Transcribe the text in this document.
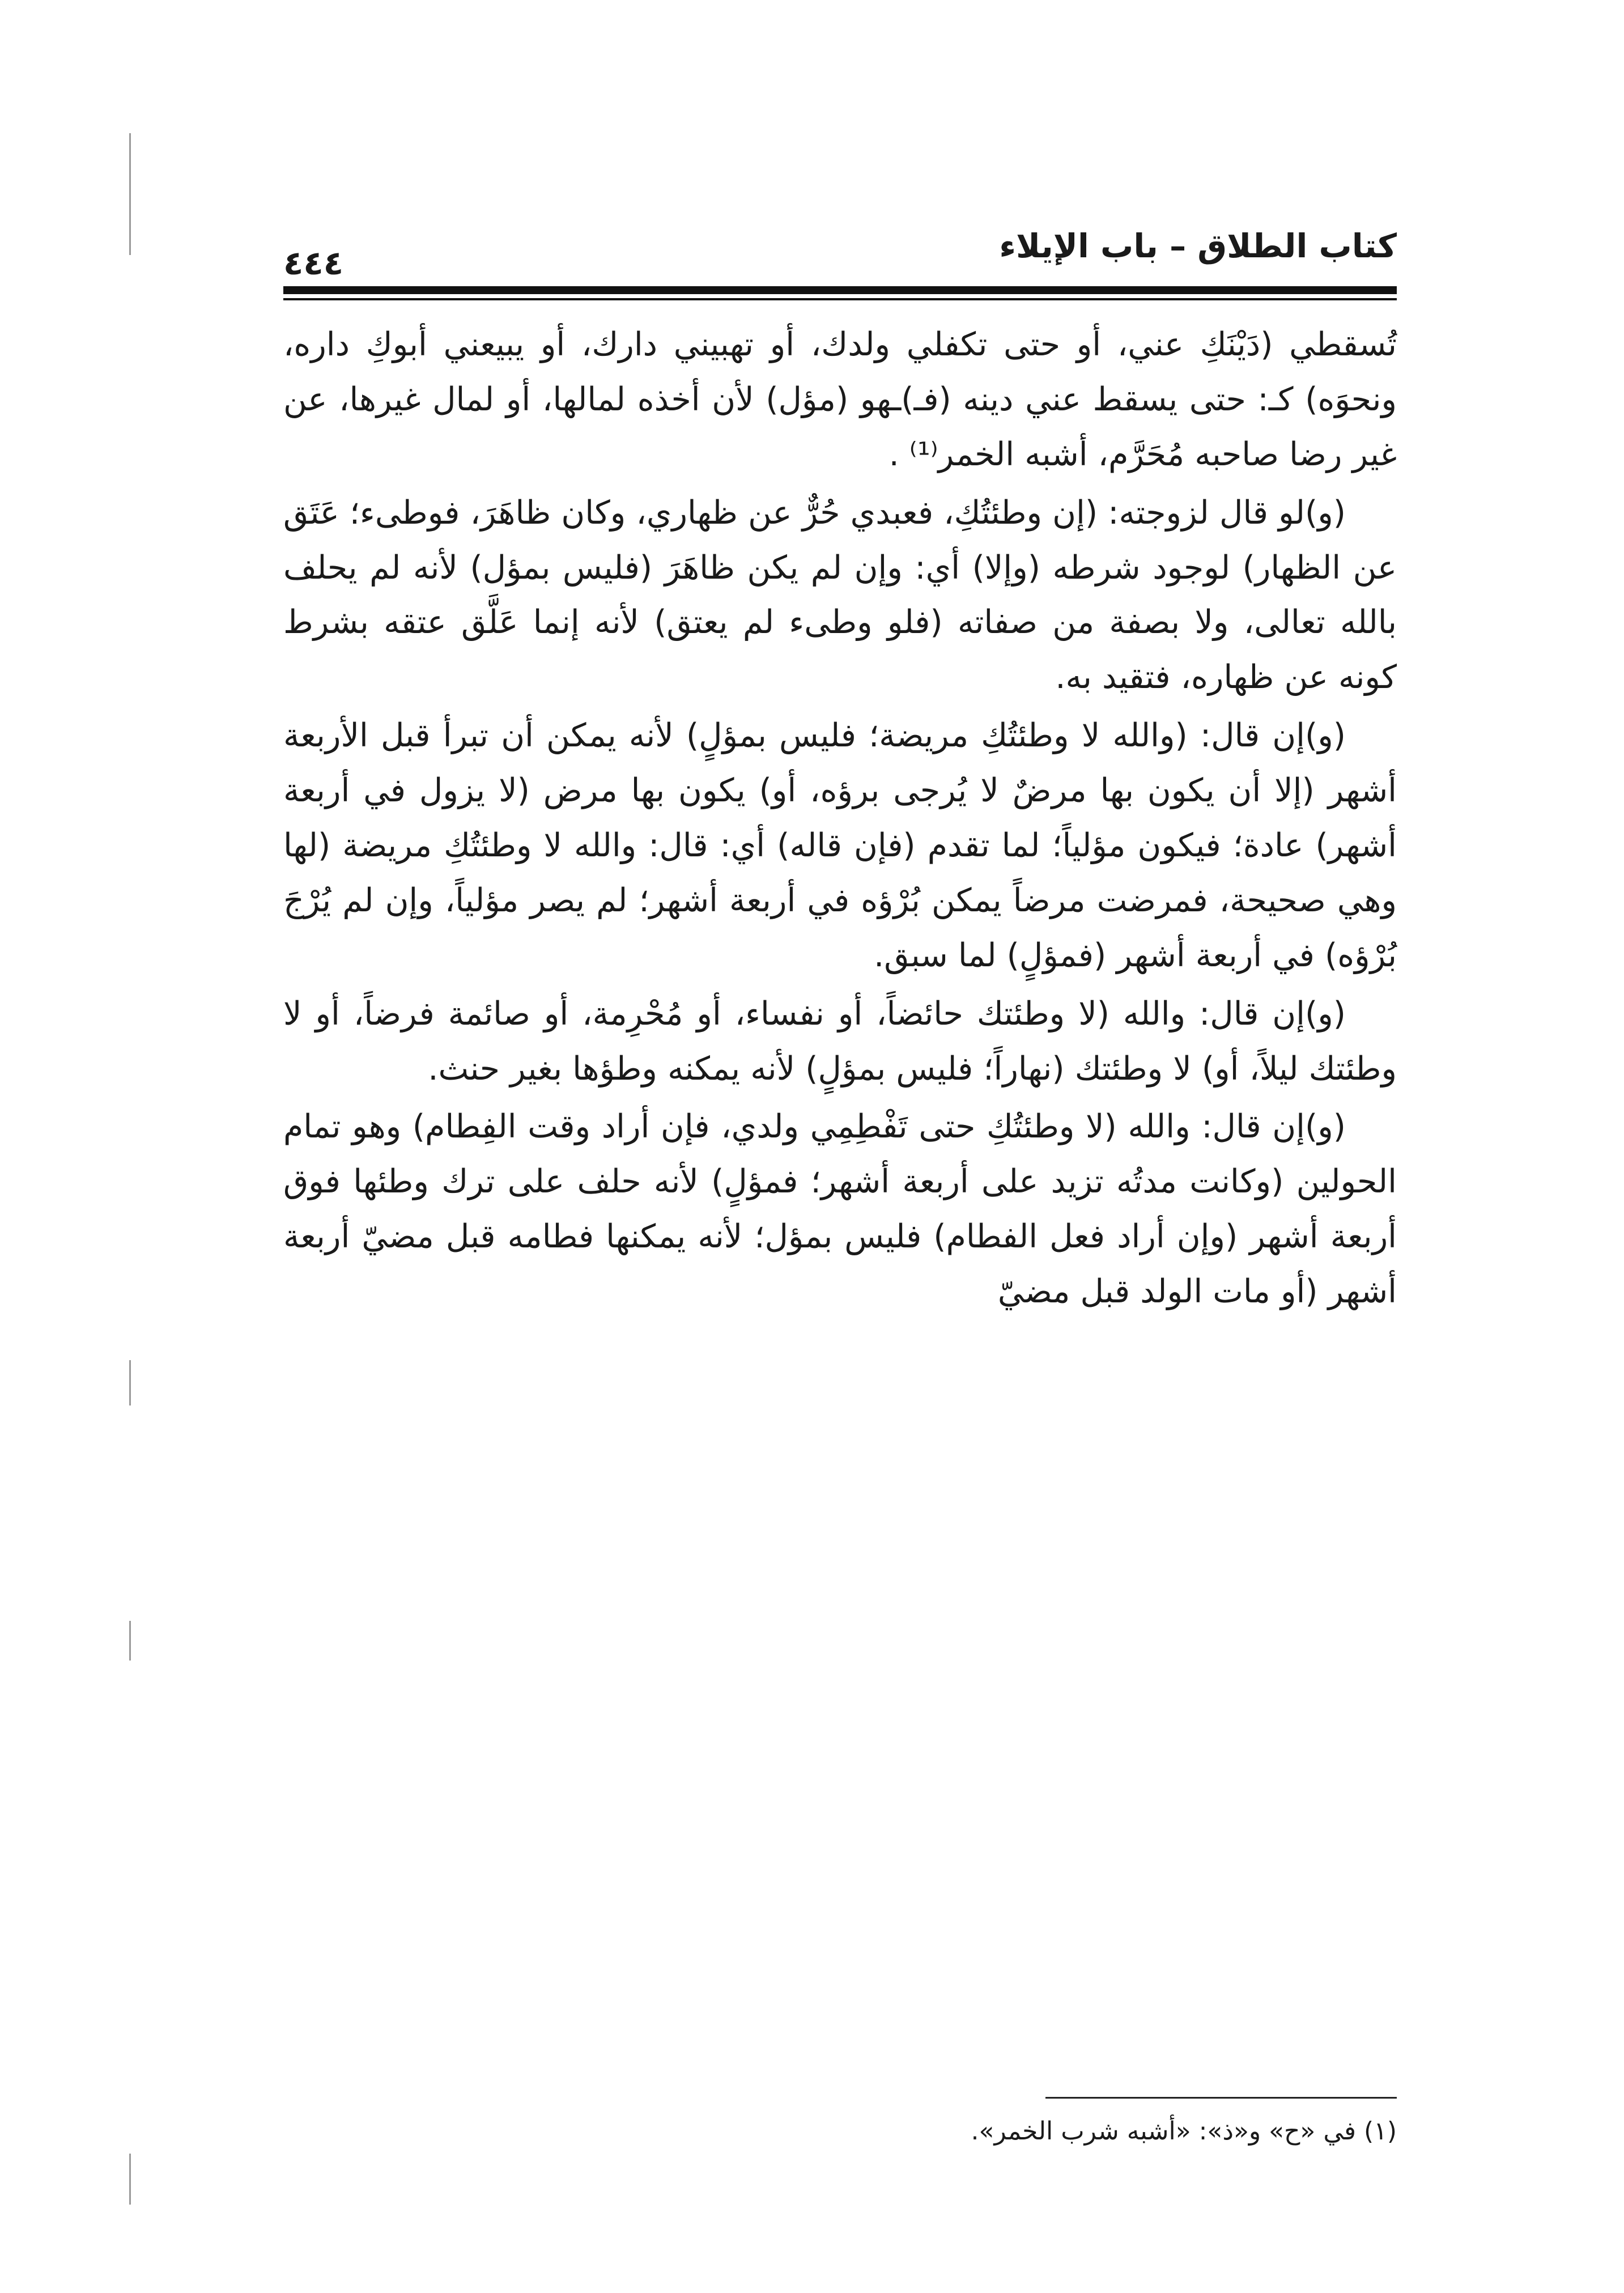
كتاب الطلاق – باب الإيلاء
٤٤٤

تُسقطي (دَيْنَكِ عني، أو حتى تكفلي ولدك، أو تهبيني دارك، أو يبيعني أبوكِ داره، ونحوَه) كـ: حتى يسقط عني دينه (فـ)ـهو (مؤل) لأن أخذه لمالها، أو لمال غيرها، عن غير رضا صاحبه مُحَرَّم، أشبه الخمر⁽¹⁾ .

(و)لو قال لزوجته: (إن وطئتُكِ، فعبدي حُرٌّ عن ظهاري، وكان ظاهَرَ، فوطىء؛ عَتَق عن الظهار) لوجود شرطه (وإلا) أي: وإن لم يكن ظاهَرَ (فليس بمؤل) لأنه لم يحلف بالله تعالى، ولا بصفة من صفاته (فلو وطىء لم يعتق) لأنه إنما عَلَّق عتقه بشرط كونه عن ظهاره، فتقيد به.

(و)إن قال: (والله لا وطئتُكِ مريضة؛ فليس بمؤلٍ) لأنه يمكن أن تبرأ قبل الأربعة أشهر (إلا أن يكون بها مرضٌ لا يُرجى برؤه، أو) يكون بها مرض (لا يزول في أربعة أشهر) عادة؛ فيكون مؤلياً؛ لما تقدم (فإن قاله) أي: قال: والله لا وطئتُكِ مريضة (لها وهي صحيحة، فمرضت مرضاً يمكن بُرْؤه في أربعة أشهر؛ لم يصر مؤلياً، وإن لم يُرْجَ بُرْؤه) في أربعة أشهر (فمؤلٍ) لما سبق.

(و)إن قال: والله (لا وطئتك حائضاً، أو نفساء، أو مُحْرِمة، أو صائمة فرضاً، أو لا وطئتك ليلاً، أو) لا وطئتك (نهاراً؛ فليس بمؤلٍ) لأنه يمكنه وطؤها بغير حنث.

(و)إن قال: والله (لا وطئتُكِ حتى تَفْطِمِي ولدي، فإن أراد وقت الفِطام) وهو تمام الحولين (وكانت مدتُه تزيد على أربعة أشهر؛ فمؤلٍ) لأنه حلف على ترك وطئها فوق أربعة أشهر (وإن أراد فعل الفطام) فليس بمؤل؛ لأنه يمكنها فطامه قبل مضيّ أربعة أشهر (أو مات الولد قبل مضيّ

(١) في «ح» و«ذ»: «أشبه شرب الخمر».
